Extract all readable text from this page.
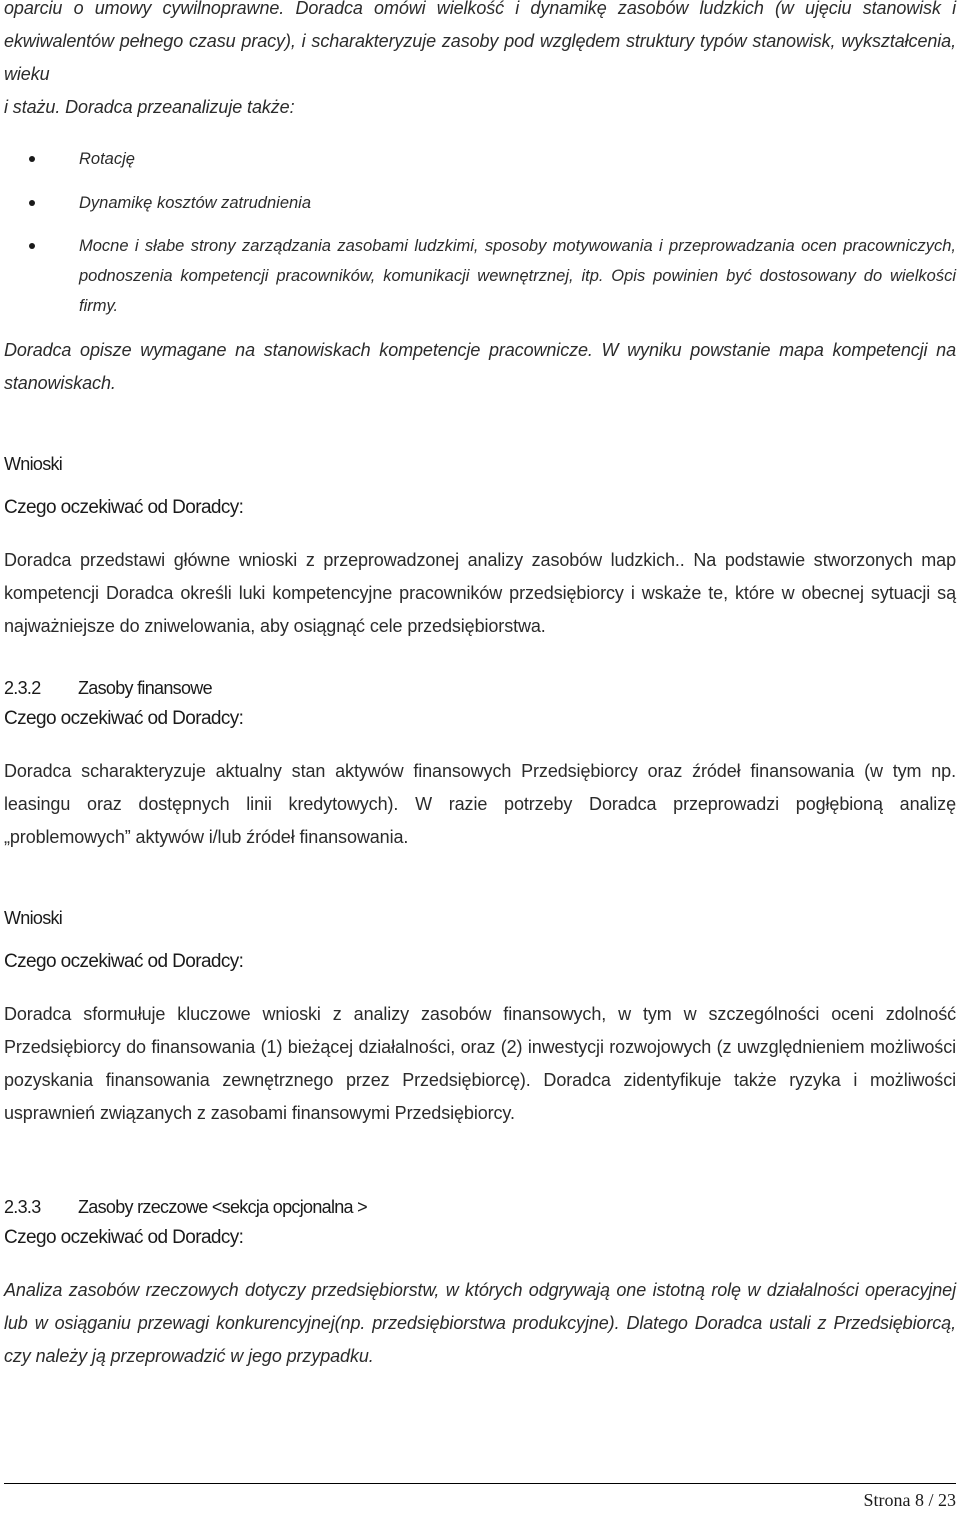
oparciu o umowy cywilnoprawne. Doradca omówi wielkość i dynamikę zasobów ludzkich (w ujęciu stanowisk i ekwiwalentów pełnego czasu pracy), i scharakteryzuje zasoby pod względem struktury typów stanowisk, wykształcenia, wieku

i stażu. Doradca przeanalizuje także:

Rotację
Dynamikę kosztów zatrudnienia
Mocne i słabe strony zarządzania zasobami ludzkimi, sposoby motywowania i przeprowadzania ocen pracowniczych, podnoszenia kompetencji pracowników, komunikacji wewnętrznej, itp. Opis powinien być dostosowany do wielkości firmy.

Doradca opisze wymagane na stanowiskach kompetencje pracownicze. W wyniku powstanie mapa kompetencji na stanowiskach.

Wnioski
Czego oczekiwać od Doradcy:

Doradca przedstawi główne wnioski z przeprowadzonej analizy zasobów ludzkich.. Na podstawie stworzonych map kompetencji Doradca określi luki kompetencyjne pracowników przedsiębiorcy i wskaże te, które w obecnej sytuacji są najważniejsze do zniwelowania, aby osiągnąć cele przedsiębiorstwa.

2.3.2 Zasoby finansowe
Czego oczekiwać od Doradcy:

Doradca scharakteryzuje aktualny stan aktywów finansowych Przedsiębiorcy oraz źródeł finansowania (w tym np. leasingu oraz dostępnych linii kredytowych). W razie potrzeby Doradca przeprowadzi pogłębioną analizę „problemowych” aktywów i/lub źródeł finansowania.

Wnioski
Czego oczekiwać od Doradcy:

Doradca sformułuje kluczowe wnioski z analizy zasobów finansowych, w tym w szczególności oceni zdolność Przedsiębiorcy do finansowania (1) bieżącej działalności, oraz (2) inwestycji rozwojowych (z uwzględnieniem możliwości pozyskania finansowania zewnętrznego przez Przedsiębiorcę). Doradca zidentyfikuje także ryzyka i możliwości usprawnień związanych z zasobami finansowymi Przedsiębiorcy.

2.3.3 Zasoby rzeczowe <sekcja opcjonalna >
Czego oczekiwać od Doradcy:

Analiza zasobów rzeczowych dotyczy przedsiębiorstw, w których odgrywają one istotną rolę w działalności operacyjnej lub w osiąganiu przewagi konkurencyjnej(np. przedsiębiorstwa produkcyjne). Dlatego Doradca ustali z Przedsiębiorcą, czy należy ją przeprowadzić w jego przypadku.

Strona 8 / 23
